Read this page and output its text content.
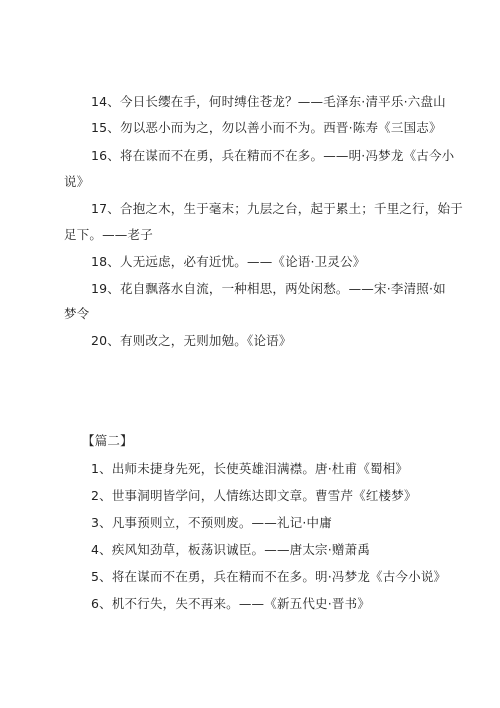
14、今日长缨在手，何时缚住苍龙？——毛泽东·清平乐·六盘山
15、勿以恶小而为之，勿以善小而不为。西晋·陈寿《三国志》
16、将在谋而不在勇，兵在精而不在多。——明·冯梦龙《古今小
说》
17、合抱之木，生于毫末；九层之台，起于累土；千里之行，始于
足下。——老子
18、人无远虑，必有近忧。——《论语·卫灵公》
19、花自飘落水自流，一种相思，两处闲愁。——宋·李清照·如
梦令
20、有则改之，无则加勉。《论语》
【篇二】
1、出师未捷身先死，长使英雄泪满襟。唐·杜甫《蜀相》
2、世事洞明皆学问，人情练达即文章。曹雪芹《红楼梦》
3、凡事预则立，不预则废。——礼记·中庸
4、疾风知劲草，板荡识诚臣。——唐太宗·赠萧禹
5、将在谋而不在勇，兵在精而不在多。明·冯梦龙《古今小说》
6、机不行失，失不再来。——《新五代史·晋书》
